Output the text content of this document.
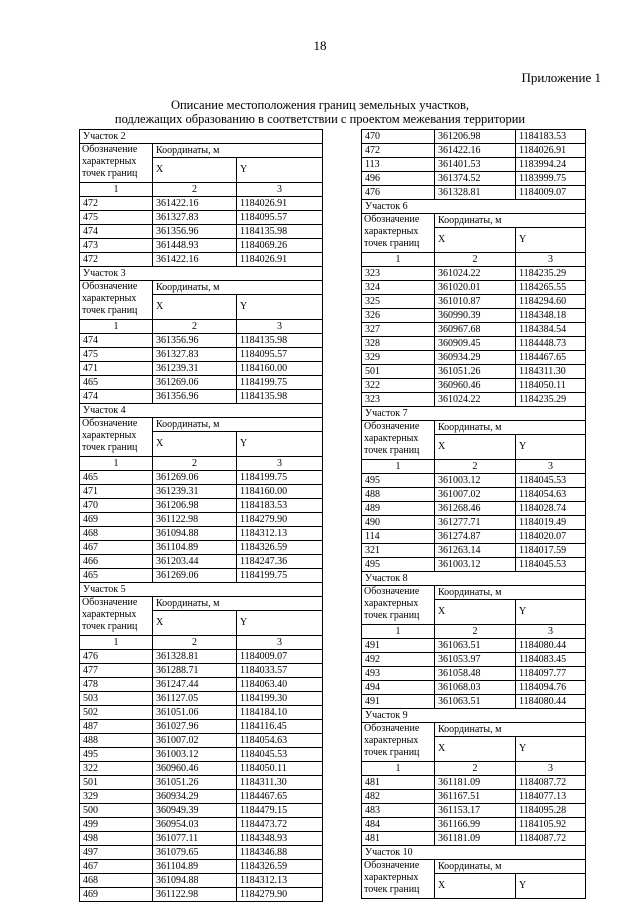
18
Приложение 1
Описание местоположения границ земельных участков,
подлежащих образованию в соответствии с проектом межевания территории
Участок 2		
Обозначение характерных точек границ	Координаты, м	
	X	Y
1	2	3
472	361422.16	1184026.91
475	361327.83	1184095.57
474	361356.96	1184135.98
473	361448.93	1184069.26
472	361422.16	1184026.91
Участок 3		
Обозначение характерных точек границ	Координаты, м	
	X	Y
1	2	3
474	361356.96	1184135.98
475	361327.83	1184095.57
471	361239.31	1184160.00
465	361269.06	1184199.75
474	361356.96	1184135.98
Участок 4		
Обозначение характерных точек границ	Координаты, м	
	X	Y
1	2	3
465	361269.06	1184199.75
471	361239.31	1184160.00
470	361206.98	1184183.53
469	361122.98	1184279.90
468	361094.88	1184312.13
467	361104.89	1184326.59
466	361203.44	1184247.36
465	361269.06	1184199.75
Участок 5		
Обозначение характерных точек границ	Координаты, м	
	X	Y
1	2	3
476	361328.81	1184009.07
477	361288.71	1184033.57
478	361247.44	1184063.40
503	361127.05	1184199.30
502	361051.06	1184184.10
487	361027.96	1184116.45
488	361007.02	1184054.63
495	361003.12	1184045.53
322	360960.46	1184050.11
501	361051.26	1184311.30
329	360934.29	1184467.65
500	360949.39	1184479.15
499	360954.03	1184473.72
498	361077.11	1184348.93
497	361079.65	1184346.88
467	361104.89	1184326.59
468	361094.88	1184312.13
469	361122.98	1184279.90
470	361206.98	1184183.53
472	361422.16	1184026.91
113	361401.53	1183994.24
496	361374.52	1183999.75
476	361328.81	1184009.07
Участок 6		
Обозначение характерных точек границ	Координаты, м	
	X	Y
1	2	3
323	361024.22	1184235.29
324	361020.01	1184265.55
325	361010.87	1184294.60
326	360990.39	1184348.18
327	360967.68	1184384.54
328	360909.45	1184448.73
329	360934.29	1184467.65
501	361051.26	1184311.30
322	360960.46	1184050.11
323	361024.22	1184235.29
Участок 7		
Обозначение характерных точек границ	Координаты, м	
	X	Y
1	2	3
495	361003.12	1184045.53
488	361007.02	1184054.63
489	361268.46	1184028.74
490	361277.71	1184019.49
114	361274.87	1184020.07
321	361263.14	1184017.59
495	361003.12	1184045.53
Участок 8		
Обозначение характерных точек границ	Координаты, м	
	X	Y
1	2	3
491	361063.51	1184080.44
492	361053.97	1184083.45
493	361058.48	1184097.77
494	361068.03	1184094.76
491	361063.51	1184080.44
Участок 9		
Обозначение характерных точек границ	Координаты, м	
	X	Y
1	2	3
481	361181.09	1184087.72
482	361167.51	1184077.13
483	361153.17	1184095.28
484	361166.99	1184105.92
481	361181.09	1184087.72
Участок 10		
Обозначение характерных точек границ	Координаты, м	
	X	Y
